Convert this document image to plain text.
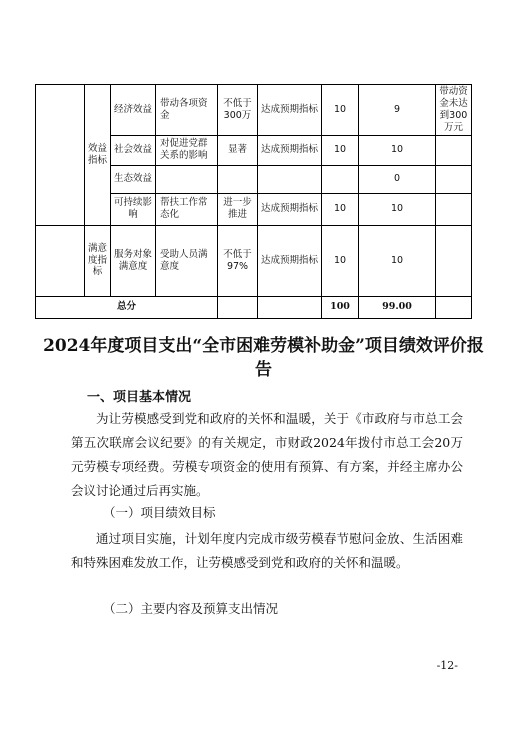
	效益指标	经济效益	带动各项资金	不低于300万	达成预期指标	10	9	带动资金未达到300万元
		社会效益	对促进党群关系的影响	显著	达成预期指标	10	10	
		生态效益					0	
		可持续影响	帮扶工作常态化	进一步推进	达成预期指标	10	10	
	满意度指标	服务对象满意度	受助人员满意度	不低于97%	达成预期指标	10	10	
总分						100	99.00	
2024年度项目支出“全市困难劳模补助金”项目绩效评价报告

一、项目基本情况

为让劳模感受到党和政府的关怀和温暖，关于《市政府与市总工会第五次联席会议纪要》的有关规定，市财政2024年拨付市总工会20万元劳模专项经费。劳模专项资金的使用有预算、有方案，并经主席办公会议讨论通过后再实施。

（一）项目绩效目标

通过项目实施，计划年度内完成市级劳模春节慰问金放、生活困难和特殊困难发放工作，让劳模感受到党和政府的关怀和温暖。

（二）主要内容及预算支出情况

-12-
